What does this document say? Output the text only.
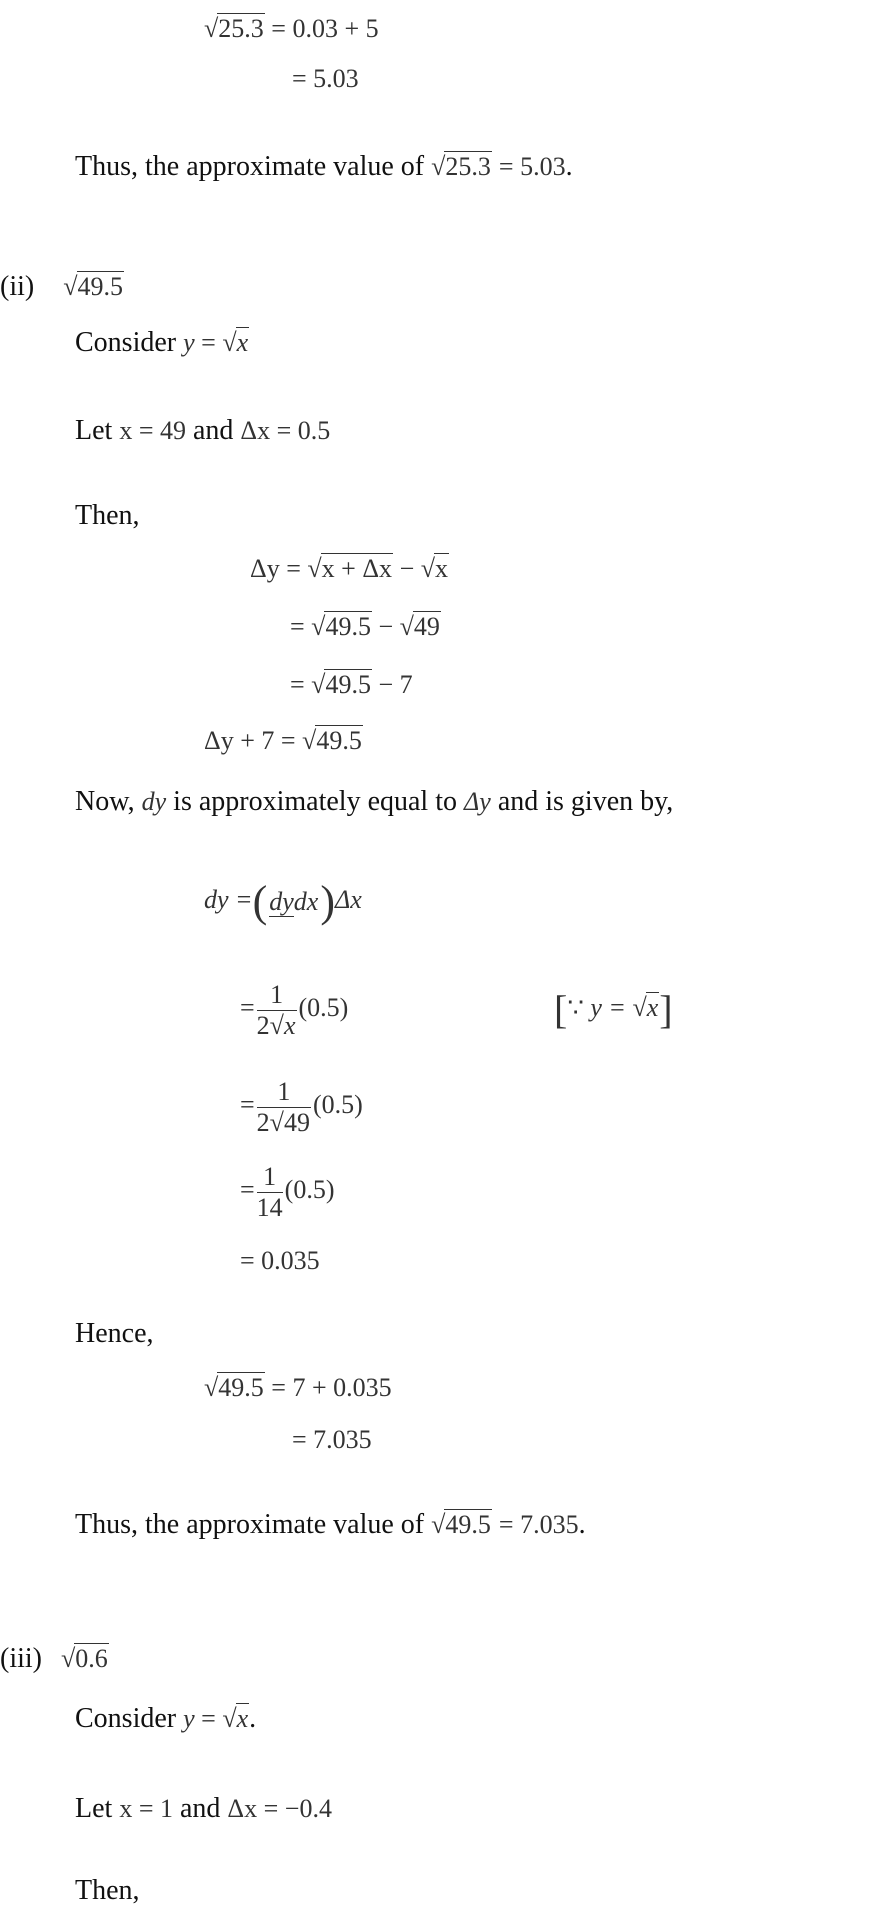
√25.3 = 0.03 + 5
= 5.03
Thus, the approximate value of √25.3 = 5.03.
(ii) √49.5
Consider y = √x
Let x = 49 and Δx = 0.5
Then,
Δy = √x + Δx − √x
= √49.5 − √49
= √49.5 − 7
Δy + 7 = √49.5
Now, dy is approximately equal to Δy and is given by,
dy =(dydx)Δx
= $\frac{1}{2√x} (0.5)$	[∵ y = √x]
= $\frac{1}{2√49} (0.5)$
= $\frac{1}{14} (0.5)$
= 0.035
Hence,
√49.5 = 7 + 0.035
= 7.035
Thus, the approximate value of √49.5 = 7.035.
(iii) √0.6
Consider y = √x.
Let x = 1 and Δx = −0.4
Then,
